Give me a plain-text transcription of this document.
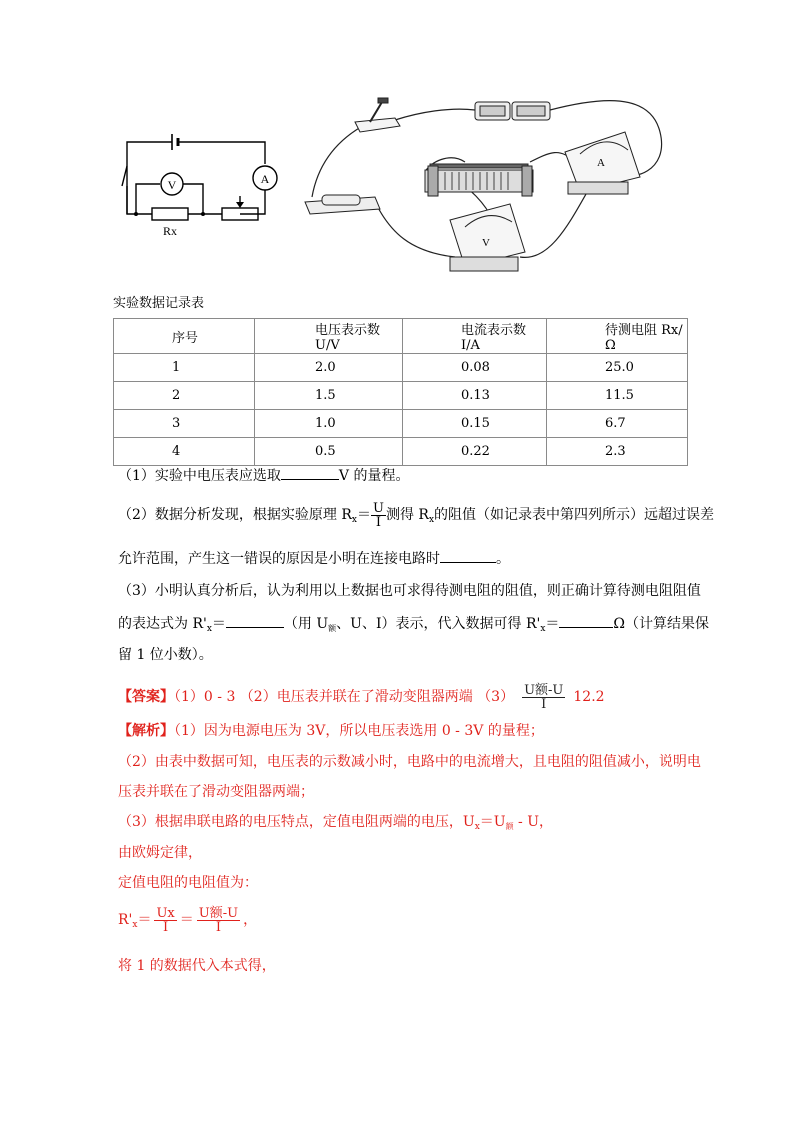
V	A
Rx
A
V
实验数据记录表
序号	电压表示数 U/V	电流表示数 I/A	待测电阻 Rx/Ω
1	2.0	0.08	25.0
2	1.5	0.13	11.5
3	1.0	0.15	6.7
4	0.5	0.22	2.3
（1）实验中电压表应选取	V 的量程。
（2）数据分析发现，根据实验原理 $R_x= \frac{U}{I}$ 测得 $R_x$的阻值（如记录表中第四列所示）远超过误差
允许范围，产生这一错误的原因是小明在连接电路时	。
（3）小明认真分析后，认为利用以上数据也可求得待测电阻的阻值，则正确计算待测电阻阻值
的表达式为 $R'_x=$	（用 $U_额$、U、I）表示，代入数据可得 $R'_x=$	Ω（计算结果保
留 1 位小数）。
【答案】（1）0 - 3 （2）电压表并联在了滑动变阻器两端 $(3) \frac{\text{U额-U}}{I} 12.2$
【解析】（1）因为电源电压为 3V，所以电压表选用 0 - 3V 的量程；
（2）由表中数据可知，电压表的示数减小时，电路中的电流增大，且电阻的阻值减小，说明电
压表并联在了滑动变阻器两端；
（3）根据串联电路的电压特点，定值电阻两端的电压，$U_x=U_额 - U$，
由欧姆定律，
定值电阻的电阻值为：
$R'_x= \frac{Ux}{I} = \frac{\text{U额-U}}{I}$ ，
将 1 的数据代入本式得，
